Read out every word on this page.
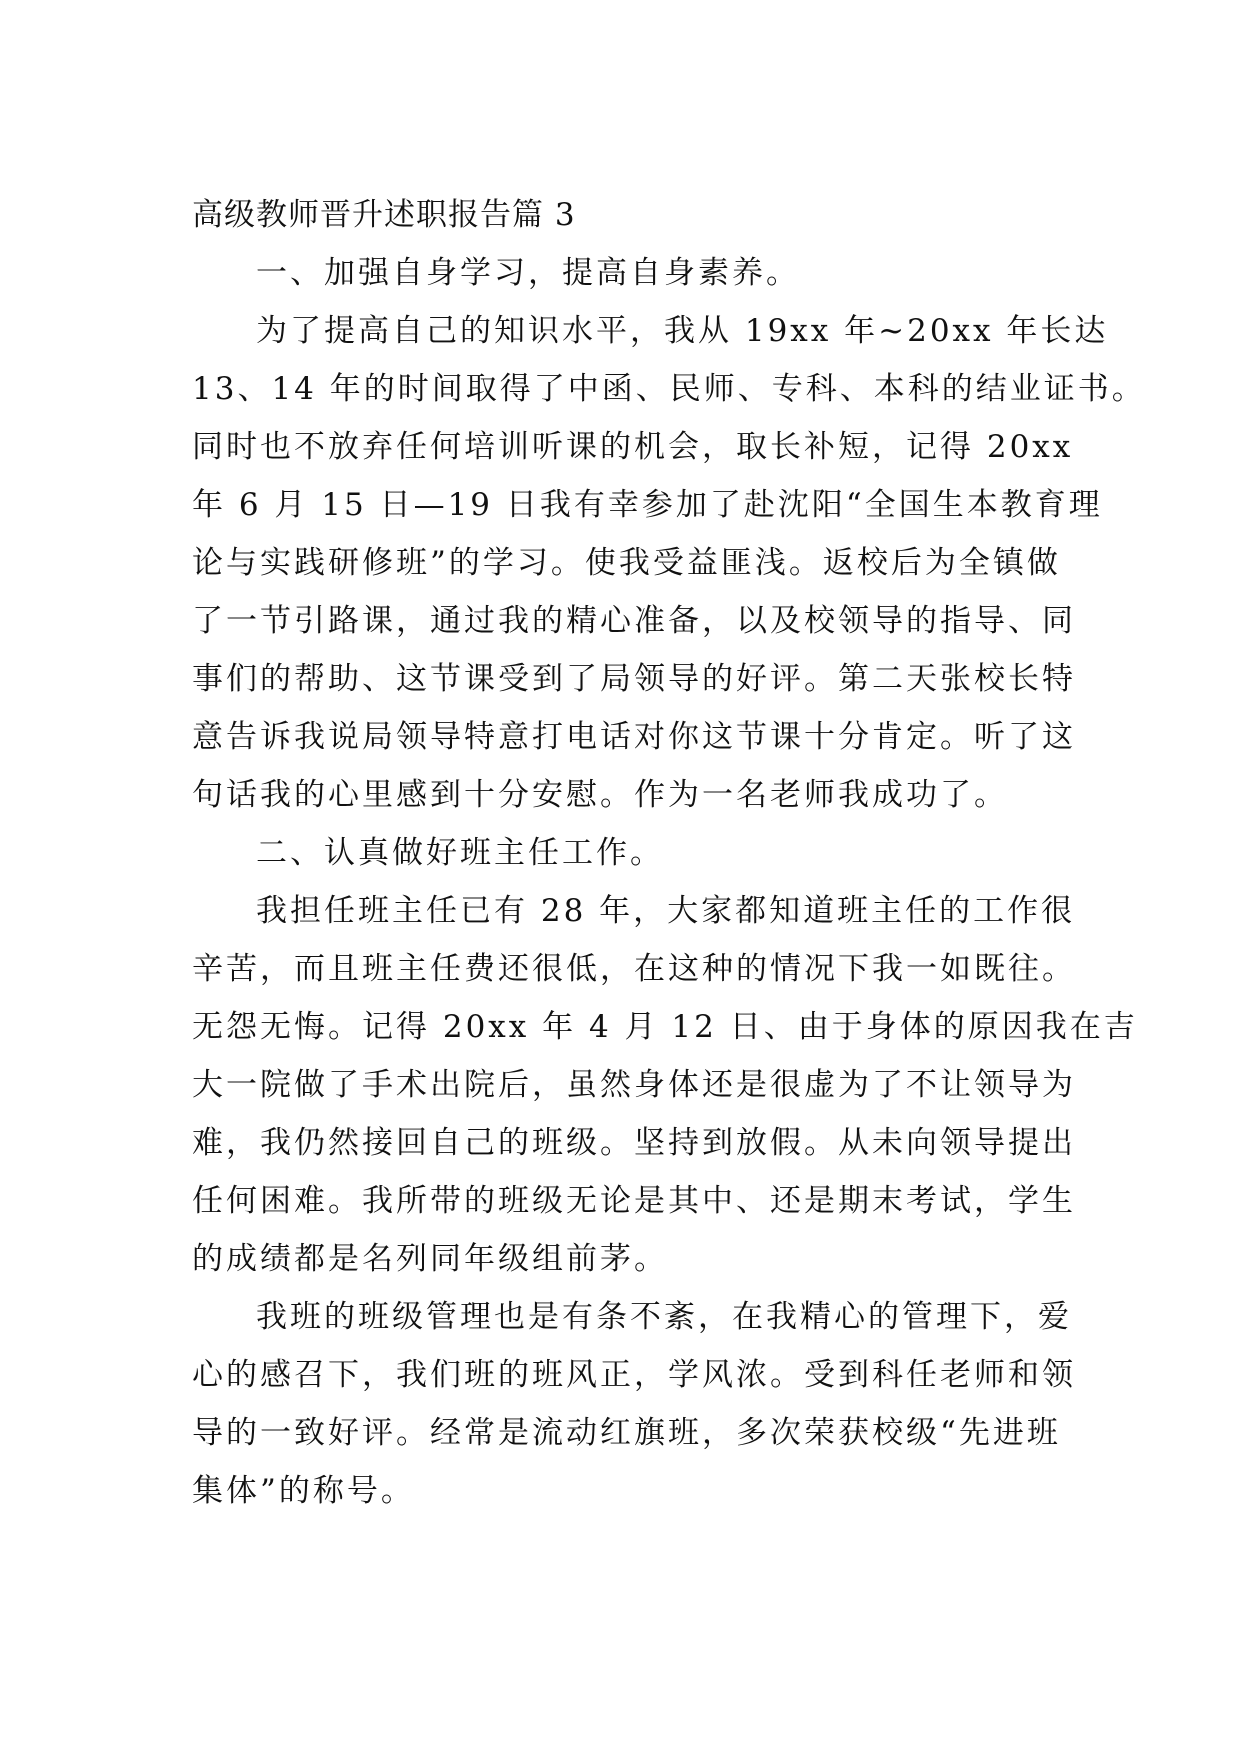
高级教师晋升述职报告篇 3
一、加强自身学习，提高自身素养。
为了提高自己的知识水平，我从 19xx 年~20xx 年长达
13、14 年的时间取得了中函、民师、专科、本科的结业证书。
同时也不放弃任何培训听课的机会，取长补短，记得 20xx
年 6 月 15 日—19 日我有幸参加了赴沈阳“全国生本教育理
论与实践研修班”的学习。使我受益匪浅。返校后为全镇做
了一节引路课，通过我的精心准备，以及校领导的指导、同
事们的帮助、这节课受到了局领导的好评。第二天张校长特
意告诉我说局领导特意打电话对你这节课十分肯定。听了这
句话我的心里感到十分安慰。作为一名老师我成功了。
二、认真做好班主任工作。
我担任班主任已有 28 年，大家都知道班主任的工作很
辛苦，而且班主任费还很低，在这种的情况下我一如既往。
无怨无悔。记得 20xx 年 4 月 12 日、由于身体的原因我在吉
大一院做了手术出院后，虽然身体还是很虚为了不让领导为
难，我仍然接回自己的班级。坚持到放假。从未向领导提出
任何困难。我所带的班级无论是其中、还是期末考试，学生
的成绩都是名列同年级组前茅。
我班的班级管理也是有条不紊，在我精心的管理下，爱
心的感召下，我们班的班风正，学风浓。受到科任老师和领
导的一致好评。经常是流动红旗班，多次荣获校级“先进班
集体”的称号。
